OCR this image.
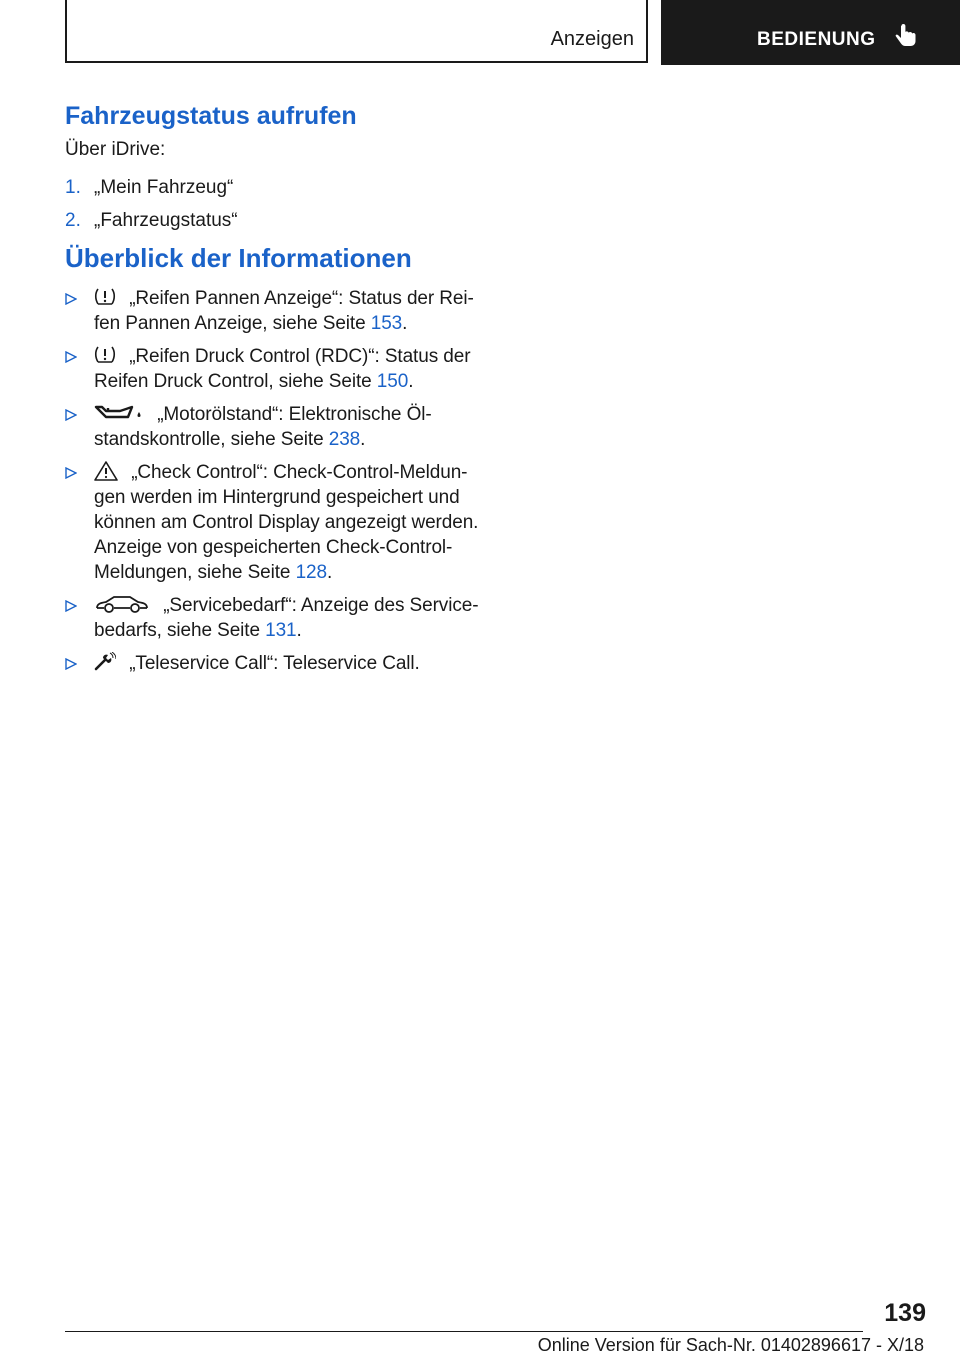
Anzeigen	BEDIENUNG
Fahrzeugstatus aufrufen
Über iDrive:
1. „Mein Fahrzeug“
2. „Fahrzeugstatus“
Überblick der Informationen
„Reifen Pannen Anzeige“: Status der Reifen Pannen Anzeige, siehe Seite 153.
„Reifen Druck Control (RDC)“: Status der Reifen Druck Control, siehe Seite 150.
„Motorölstand“: Elektronische Ölstandskontrolle, siehe Seite 238.
„Check Control“: Check-Control-Meldungen werden im Hintergrund gespeichert und können am Control Display angezeigt werden. Anzeige von gespeicherten Check-Control-Meldungen, siehe Seite 128.
„Servicebedarf“: Anzeige des Servicebedarfs, siehe Seite 131.
„Teleservice Call“: Teleservice Call.
139
Online Version für Sach-Nr. 01402896617 - X/18
